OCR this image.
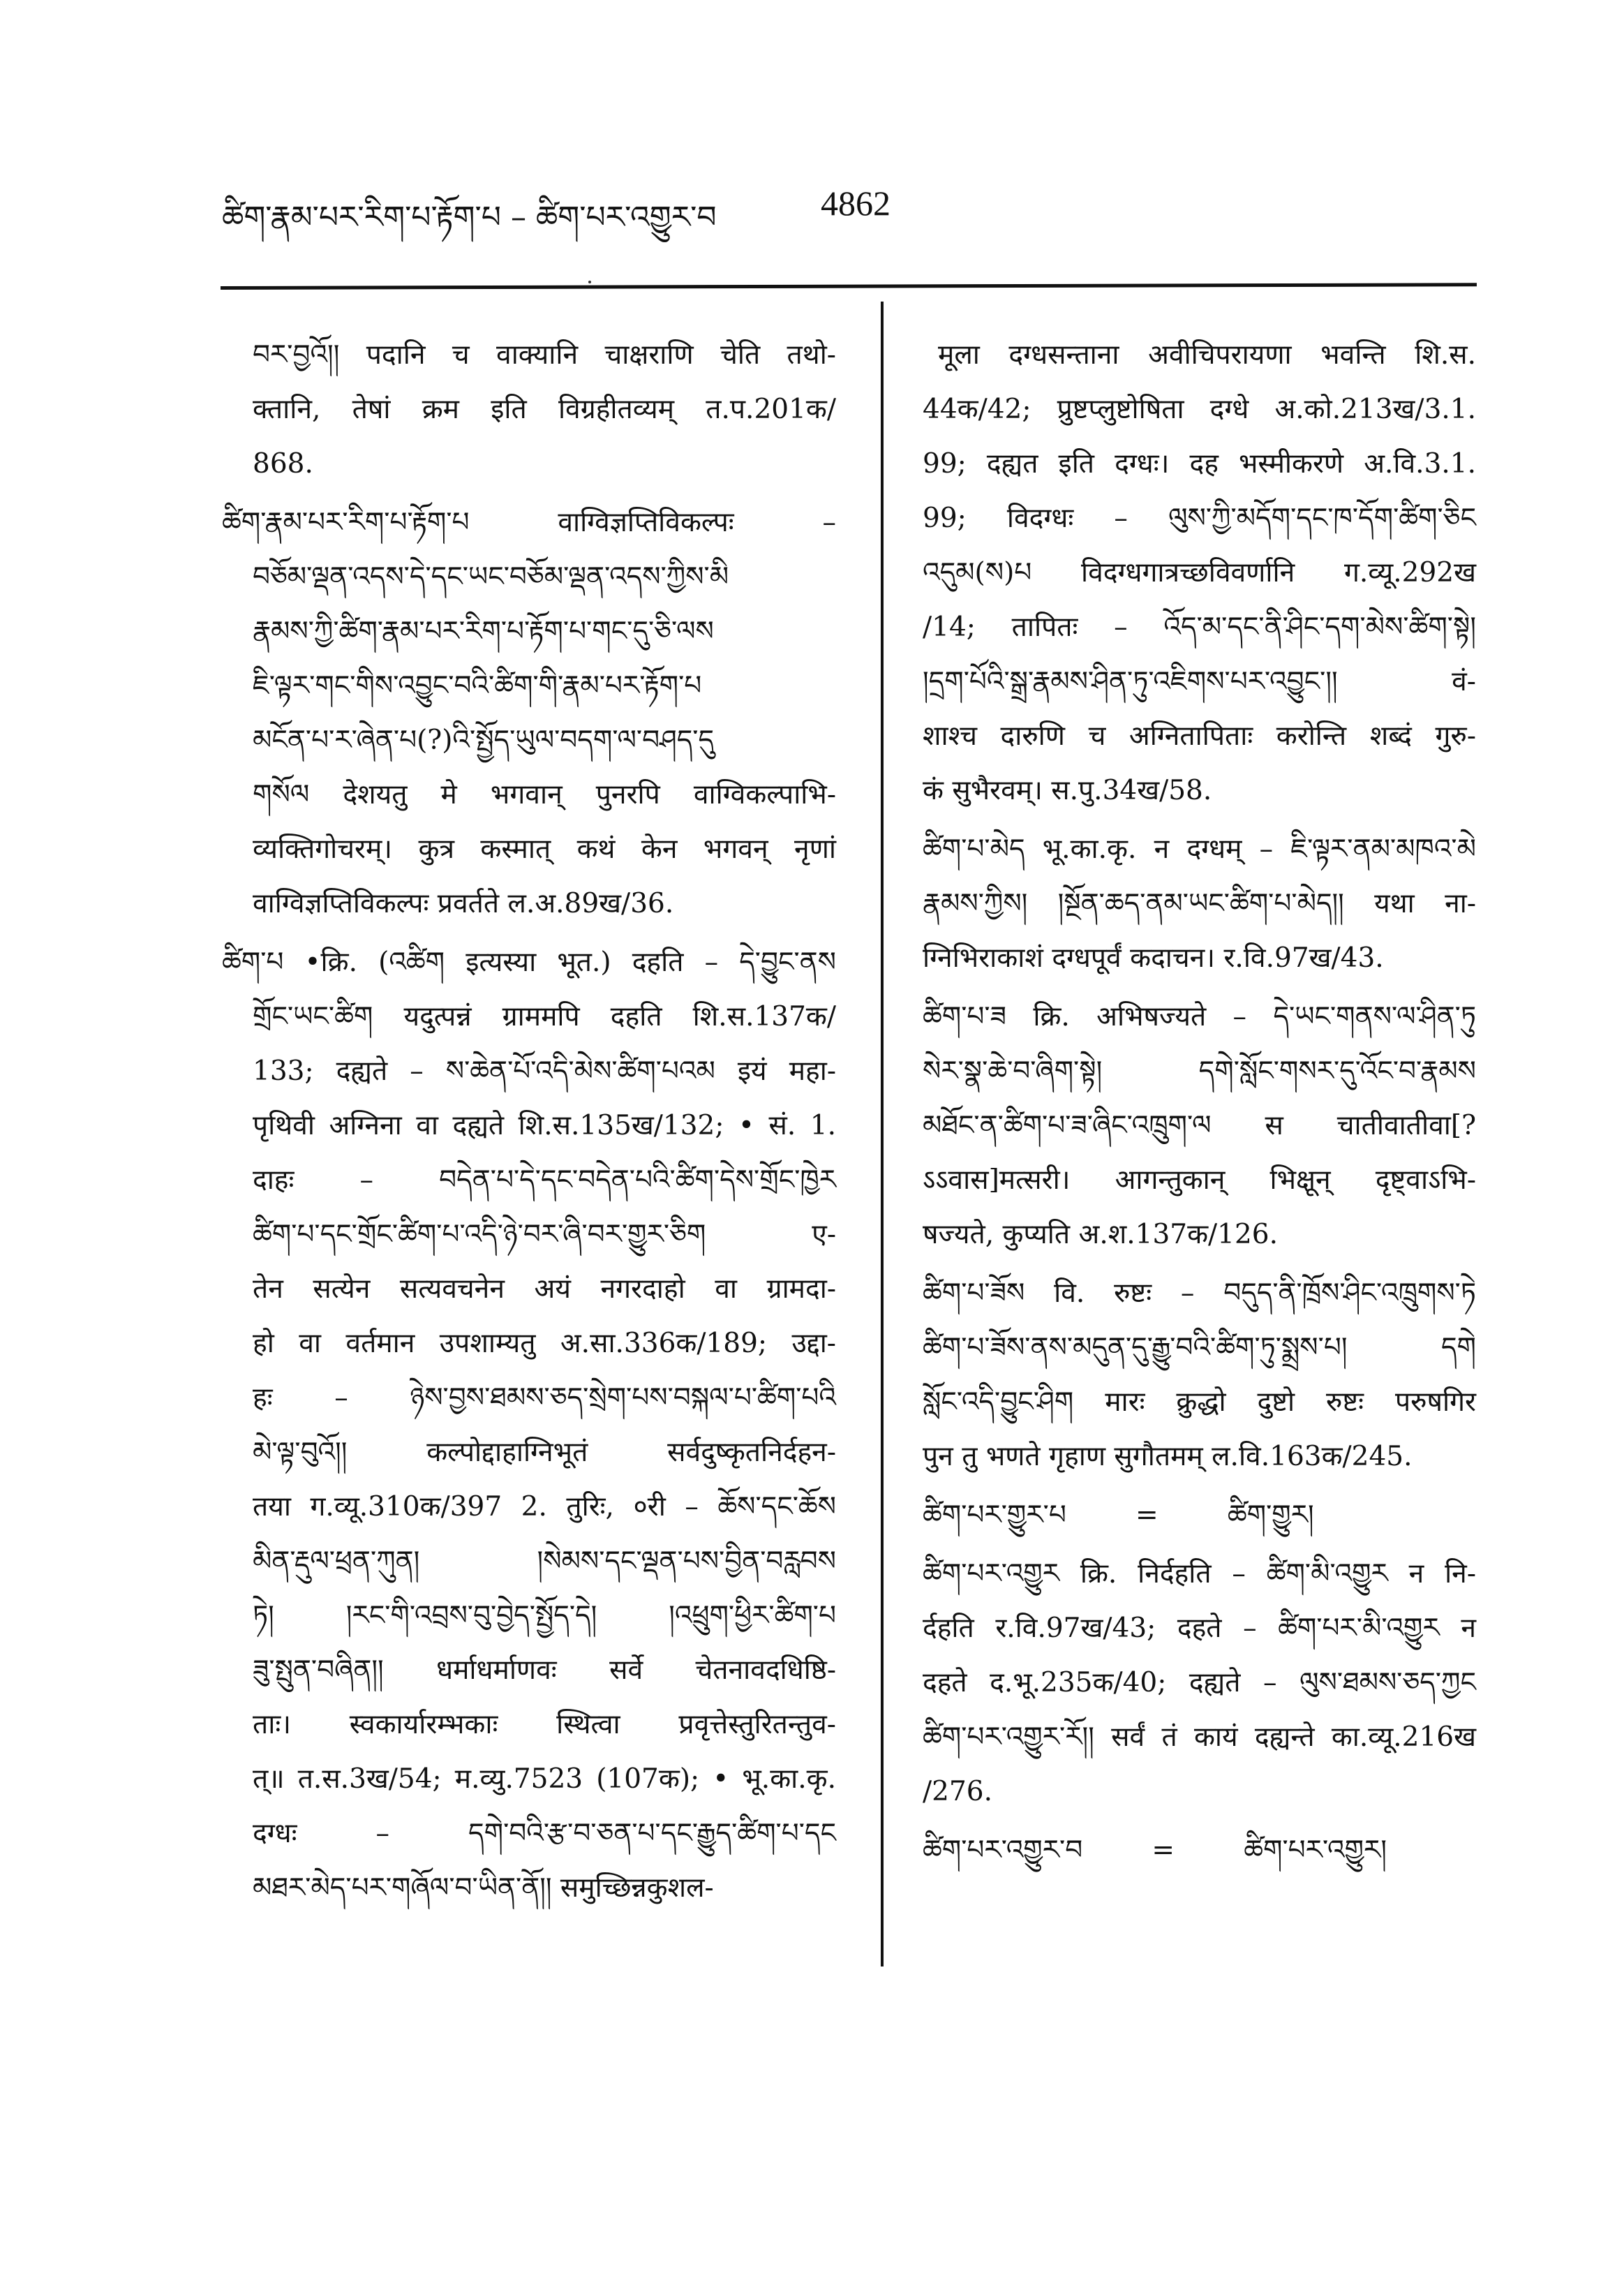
ཚིག་རྣམ་པར་རིག་པ་རྟོག་པ – ཚིག་པར་འགྱུར་བ	4862
བར་བྱའོ།། पदानि च वाक्यानि चाक्षराणि चेति तथो-
क्तानि, तेषां क्रम इति विग्रहीतव्यम् त.प.201क/
868.
ཚིག་རྣམ་པར་རིག་པ་རྟོག་པ वाग्विज्ञप्तिविकल्पः –
བཅོམ་ལྡན་འདས་དེ་དང་ཡང་བཅོམ་ལྡན་འདས་ཀྱིས་མི
རྣམས་ཀྱི་ཚིག་རྣམ་པར་རིག་པ་རྟོག་པ་གང་དུ་ཅི་ལས
ཇི་ལྟར་གང་གིས་འབྱུང་བའི་ཚིག་གི་རྣམ་པར་རྟོག་པ
མངོན་པ་ར་ཞེན་པ(?)འི་སྤྱོད་ཡུལ་བདག་ལ་བཤད་དུ
གསོལ देशयतु मे भगवान् पुनरपि वाग्विकल्पाभि-
व्यक्तिगोचरम्। कुत्र कस्मात् कथं केन भगवन् नृणां
वाग्विज्ञप्तिविकल्पः प्रवर्तते ल.अ.89ख/36.
ཚིག་པ •क्रि. (འཚིག इत्यस्या भूत.) दहति – དེ་བྱུང་ནས
གྲོང་ཡང་ཚིག यदुत्पन्नं ग्राममपि दहति शि.स.137क/
133; दह्यते – ས་ཆེན་པོ་འདི་མེས་ཚིག་པའམ इयं महा-
पृथिवी अग्निना वा दह्यते शि.स.135ख/132; • सं. 1.
दाहः – བདེན་པ་དེ་དང་བདེན་པའི་ཚིག་དེས་གྲོང་ཁྱེར
ཚིག་པ་དང་གྲོང་ཚིག་པ་འདི་ཉེ་བར་ཞི་བར་གྱུར་ཅིག ए-
तेन सत्येन सत्यवचनेन अयं नगरदाहो वा ग्रामदा-
हो वा वर्तमान उपशाम्यतु अ.सा.336क/189; उद्दा-
हः – ཉེས་བྱས་ཐམས་ཅད་སྲེག་པས་བསྐལ་པ་ཚིག་པའི
མེ་ལྟ་བུའོ།། कल्पोद्दाहाग्निभूतं सर्वदुष्कृतनिर्दहन-
तया ग.व्यू.310क/397 2. तुरिः, ०री – ཆོས་དང་ཆོས
མིན་རྡུལ་ཕྲན་ཀུན། །སེམས་དང་ལྡན་པས་བྱིན་བརླབས
ཏེ། །རང་གི་འབྲས་བུ་བྱེད་སྤྱོད་དེ། །འཕྲུག་ཕྱིར་ཚིག་པ
ཟུ་སྤུན་བཞིན།། धर्माधर्माणवः सर्वे चेतनावदधिष्ठि-
ताः। स्वकार्यारम्भकाः स्थित्वा प्रवृत्तेस्तुरितन्तुव-
त्॥ त.स.3ख/54; म.व्यु.7523 (107क); • भू.का.कृ.
दग्धः – དགེ་བའི་རྩ་བ་ཅན་པ་དང་རྒྱུད་ཚིག་པ་དང
མཐར་མེད་པར་གཞོལ་བ་ཡིན་ནོ།། समुच्छिन्नकुशल-
मूला दग्धसन्ताना अवीचिपरायणा भवन्ति शि.स.
44क/42; प्रुष्टप्लुष्टोषिता दग्धे अ.को.213ख/3.1.
99; दह्यत इति दग्धः। दह भस्मीकरणे अ.वि.3.1.
99; विदग्धः – ལུས་ཀྱི་མདོག་དང་ཁ་དོག་ཚིག་ཅིང
འདུམ(ས)པ विदग्धगात्रच्छविवर्णानि ग.व्यू.292ख
/14; तापितः – འོད་མ་དང་ནི་ཤིང་དག་མེས་ཚིག་སྟེ།
།དྲག་པོའི་སྒྲ་རྣམས་ཤིན་ཏུ་འཇིགས་པར་འབྱུང་།། वं-
शाश्च दारुणि च अग्नितापिताः करोन्ति शब्दं गुरु-
कं सुभैरवम्। स.पु.34ख/58.
ཚིག་པ་མེད भू.का.कृ. न दग्धम् – ཇི་ལྟར་ནམ་མཁའ་མེ
རྣམས་ཀྱིས། །སྔོན་ཆད་ནམ་ཡང་ཚིག་པ་མེད།། यथा ना-
ग्निभिराकाशं दग्धपूर्वं कदाचन। र.वि.97ख/43.
ཚིག་པ་ཟ क्रि. अभिषज्यते – དེ་ཡང་གནས་ལ་ཤིན་ཏུ
སེར་སྣ་ཆེ་བ་ཞིག་སྟེ། དགེ་སློང་གསར་དུ་འོང་བ་རྣམས
མཐོང་ན་ཚིག་པ་ཟ་ཞིང་འཁྲུག་ལ स चातीवातीवा[?
ऽऽवास]मत्सरी। आगन्तुकान् भिक्षून् दृष्ट्वाऽभि-
षज्यते, कुप्यति अ.श.137क/126.
ཚིག་པ་ཟོས वि. रुष्टः – བདུད་ནི་ཁྲོས་ཤིང་འཁྲུགས་ཏེ
ཚིག་པ་ཟོས་ནས་མདུན་དུ་རྒྱུ་བའི་ཚིག་ཏུ་སྨྲས་པ། དགེ
སློང་འདི་བྱུང་ཤིག मारः क्रुद्धो दुष्टो रुष्टः परुषगिर
पुन तु भणते गृहाण सुगौतमम् ल.वि.163क/245.
ཚིག་པར་གྱུར་པ        =        ཚིག་གྱུར།
ཚིག་པར་འགྱུར क्रि. निर्दहति – ཚིག་མི་འགྱུར न नि-
र्दहति र.वि.97ख/43; दहते – ཚིག་པར་མི་འགྱུར न
दहते द.भू.235क/40; दह्यते – ལུས་ཐམས་ཅད་ཀྱང
ཚིག་པར་འགྱུར་རོ།། सर्वं तं कायं दह्यन्ते का.व्यू.216ख
/276.
ཚིག་པར་འགྱུར་བ        =        ཚིག་པར་འགྱུར།
